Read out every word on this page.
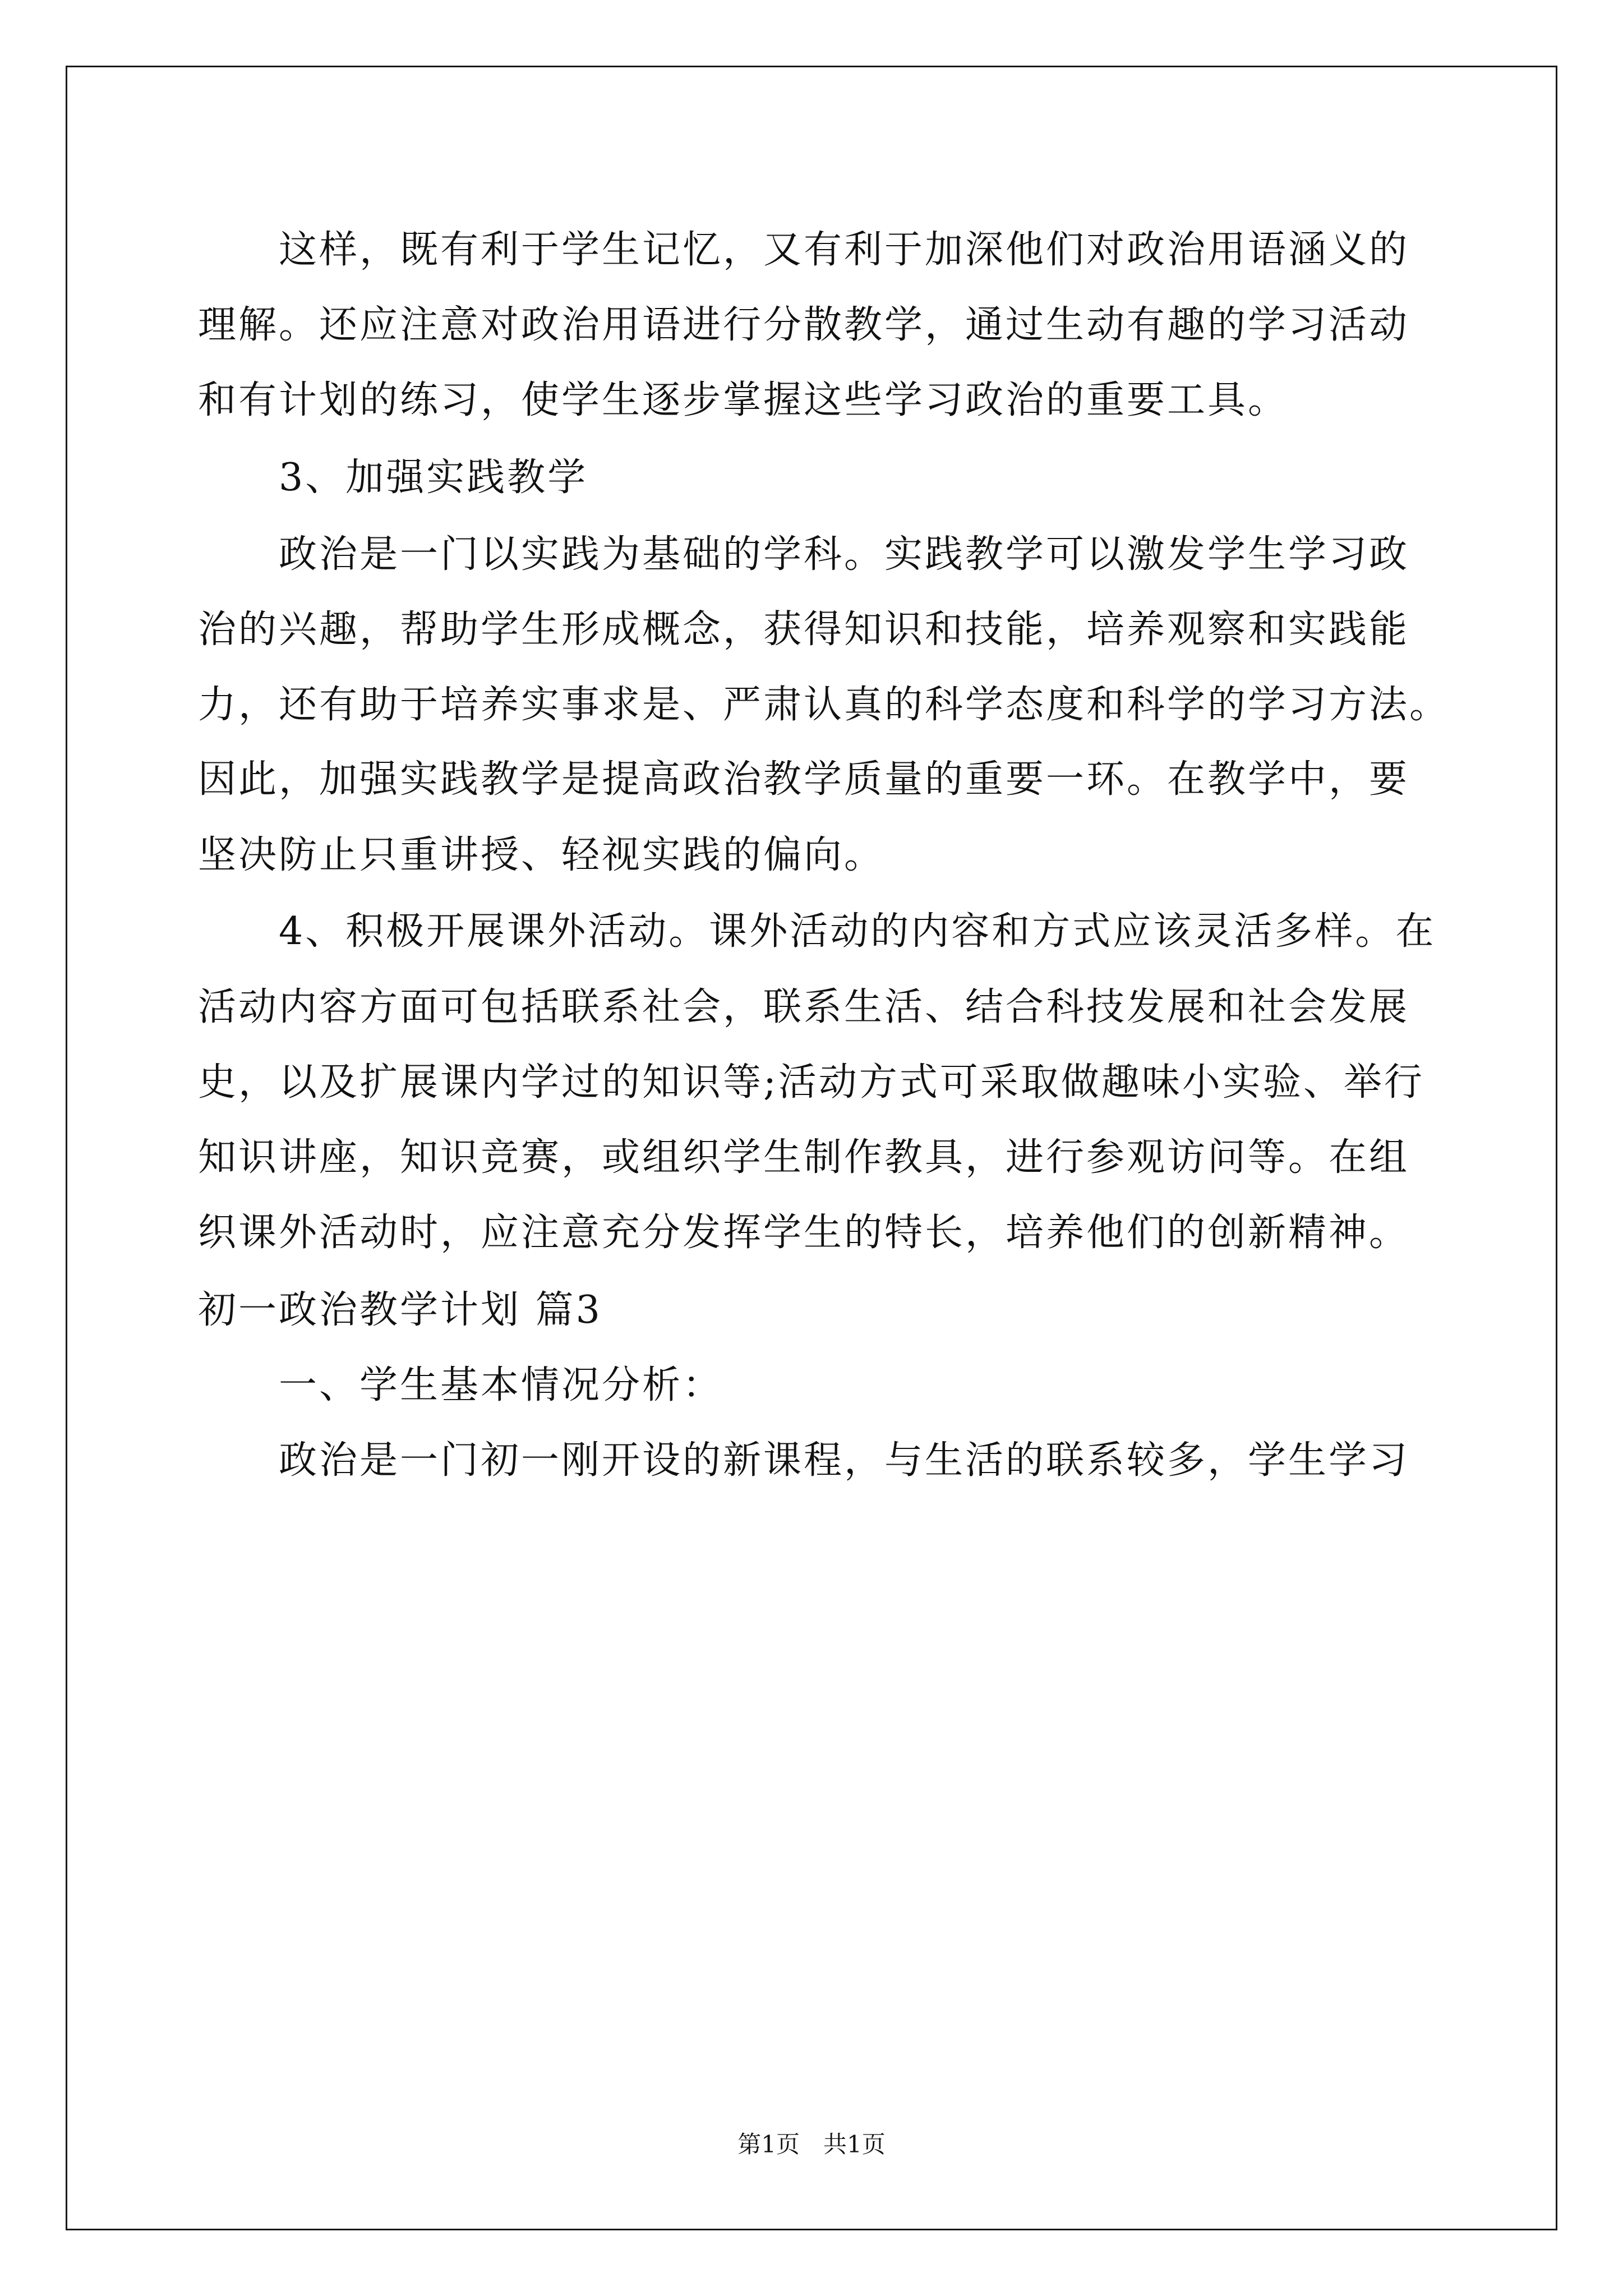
这样，既有利于学生记忆，又有利于加深他们对政治用语涵义的

理解。还应注意对政治用语进行分散教学，通过生动有趣的学习活动

和有计划的练习，使学生逐步掌握这些学习政治的重要工具。

3、加强实践教学

政治是一门以实践为基础的学科。实践教学可以激发学生学习政

治的兴趣，帮助学生形成概念，获得知识和技能，培养观察和实践能

力，还有助于培养实事求是、严肃认真的科学态度和科学的学习方法。

因此，加强实践教学是提高政治教学质量的重要一环。在教学中，要

坚决防止只重讲授、轻视实践的偏向。

4、积极开展课外活动。课外活动的内容和方式应该灵活多样。在

活动内容方面可包括联系社会，联系生活、结合科技发展和社会发展

史，以及扩展课内学过的知识等;活动方式可采取做趣味小实验、举行

知识讲座，知识竞赛，或组织学生制作教具，进行参观访问等。在组

织课外活动时，应注意充分发挥学生的特长，培养他们的创新精神。

初一政治教学计划 篇3

一、学生基本情况分析：

政治是一门初一刚开设的新课程，与生活的联系较多，学生学习

第1页　共1页
